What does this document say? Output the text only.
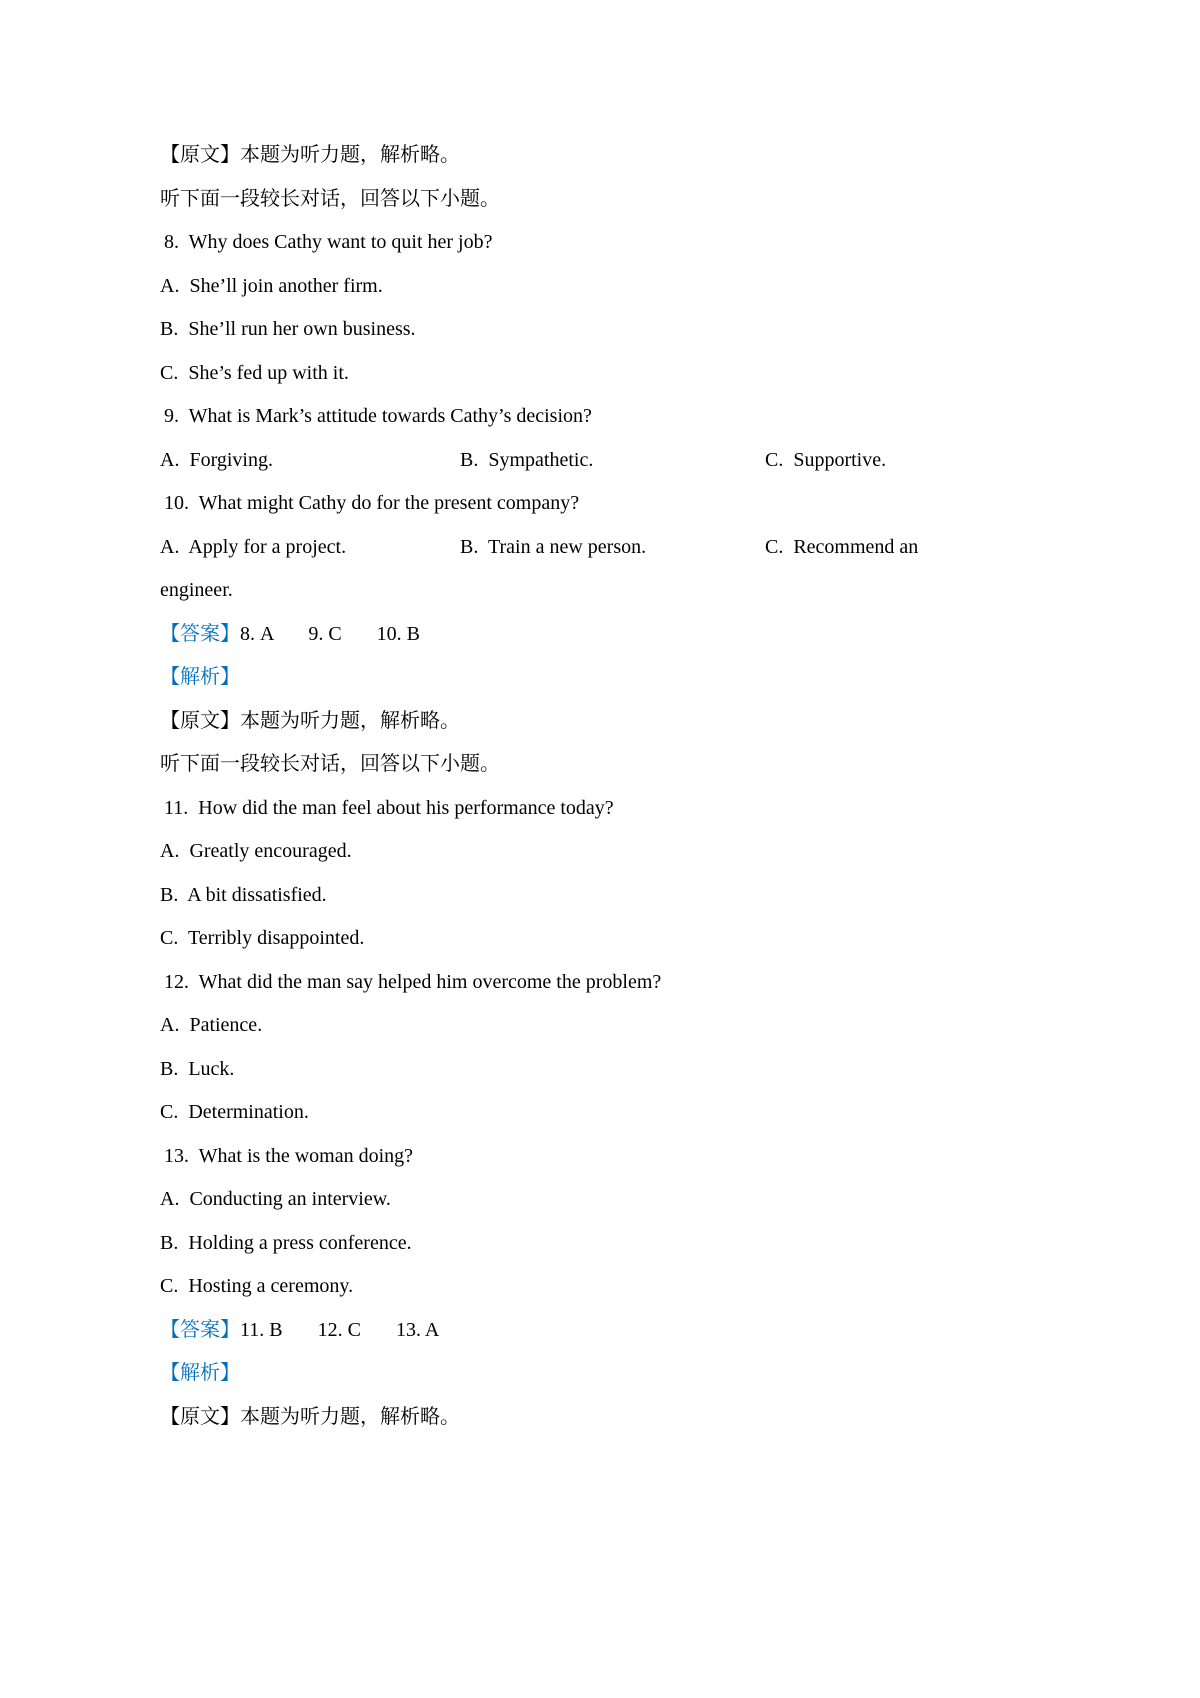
【原文】本题为听力题，解析略。
听下面一段较长对话，回答以下小题。
8.  Why does Cathy want to quit her job?
A.  She’ll join another firm.
B.  She’ll run her own business.
C.  She’s fed up with it.
9.  What is Mark’s attitude towards Cathy’s decision?
A.  Forgiving.	B.  Sympathetic.	C.  Supportive.
10.  What might Cathy do for the present company?
A.  Apply for a project.	B.  Train a new person.	C.  Recommend an
engineer.
【答案】8. A       9. C       10. B
【解析】
【原文】本题为听力题，解析略。
听下面一段较长对话，回答以下小题。
11.  How did the man feel about his performance today?
A.  Greatly encouraged.
B.  A bit dissatisfied.
C.  Terribly disappointed.
12.  What did the man say helped him overcome the problem?
A.  Patience.
B.  Luck.
C.  Determination.
13.  What is the woman doing?
A.  Conducting an interview.
B.  Holding a press conference.
C.  Hosting a ceremony.
【答案】11. B       12. C       13. A
【解析】
【原文】本题为听力题，解析略。
